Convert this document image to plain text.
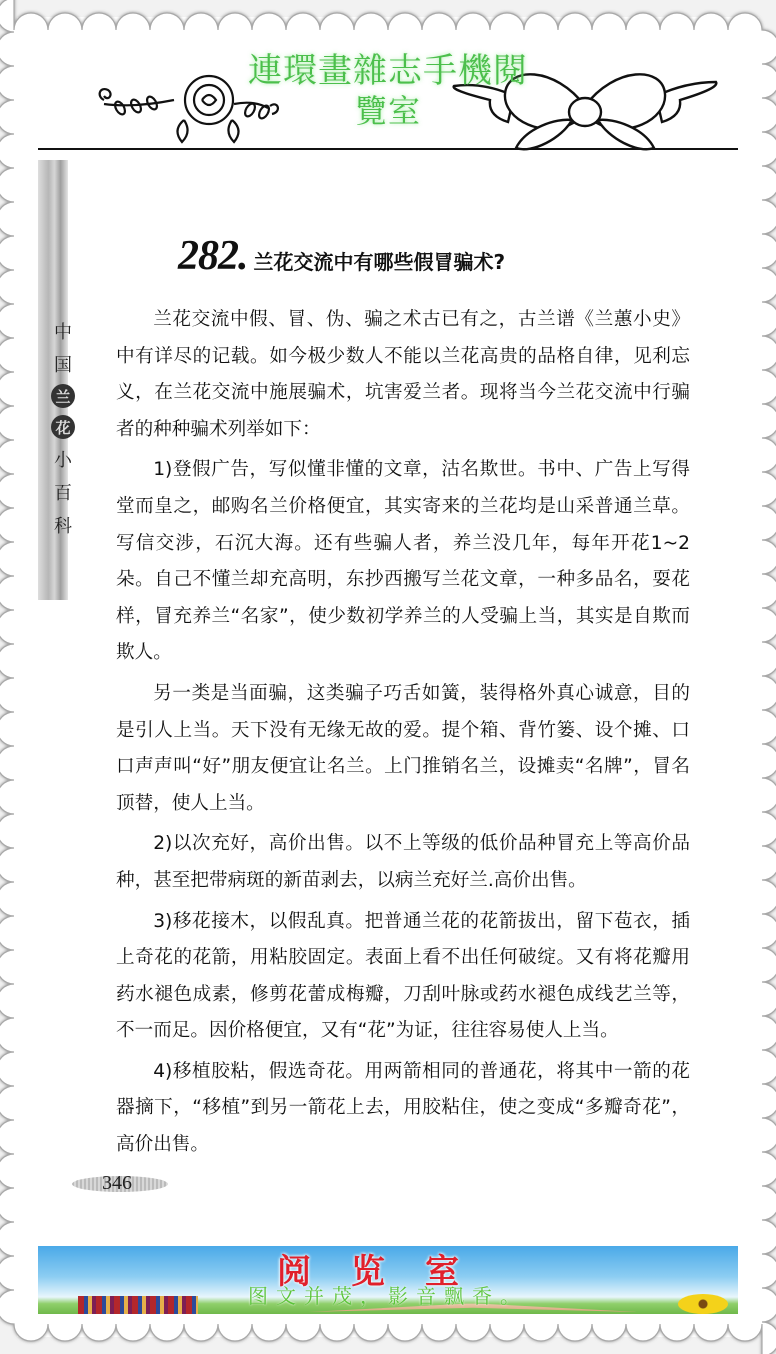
連環畫雜志手機閱
覽室
中
国
兰
花
小
百
科
282. 兰花交流中有哪些假冒骗术?

兰花交流中假、冒、伪、骗之术古已有之，古兰谱《兰蕙小史》中有详尽的记载。如今极少数人不能以兰花高贵的品格自律，见利忘义，在兰花交流中施展骗术，坑害爱兰者。现将当今兰花交流中行骗者的种种骗术列举如下：

1)登假广告，写似懂非懂的文章，沽名欺世。书中、广告上写得堂而皇之，邮购名兰价格便宜，其实寄来的兰花均是山采普通兰草。写信交涉，石沉大海。还有些骗人者，养兰没几年，每年开花1~2朵。自己不懂兰却充高明，东抄西搬写兰花文章，一种多品名，耍花样，冒充养兰“名家”，使少数初学养兰的人受骗上当，其实是自欺而欺人。

另一类是当面骗，这类骗子巧舌如簧，装得格外真心诚意，目的是引人上当。天下没有无缘无故的爱。提个箱、背竹篓、设个摊、口口声声叫“好”朋友便宜让名兰。上门推销名兰，设摊卖“名牌”，冒名顶替，使人上当。

2)以次充好，高价出售。以不上等级的低价品种冒充上等高价品种，甚至把带病斑的新苗剥去，以病兰充好兰.高价出售。

3)移花接木，以假乱真。把普通兰花的花箭拔出，留下苞衣，插上奇花的花箭，用粘胶固定。表面上看不出任何破绽。又有将花瓣用药水褪色成素，修剪花蕾成梅瓣，刀刮叶脉或药水褪色成线艺兰等，不一而足。因价格便宜，又有“花”为证，往往容易使人上当。

4)移植胶粘，假选奇花。用两箭相同的普通花，将其中一箭的花器摘下，“移植”到另一箭花上去，用胶粘住，使之变成“多瓣奇花”，高价出售。

346
阅览室
图文并茂，影音飘香。
